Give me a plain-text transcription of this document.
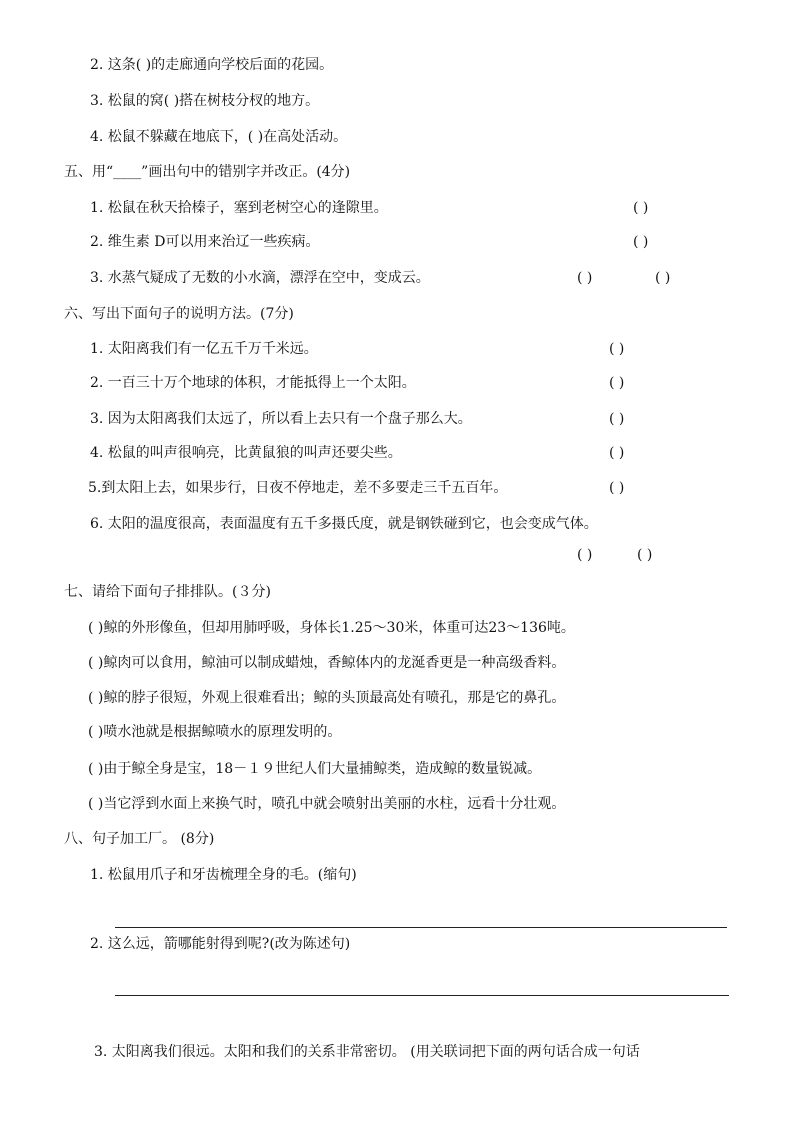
2. 这条( )的走廊通向学校后面的花园。
3. 松鼠的窝( )搭在树枝分杈的地方。
4. 松鼠不躲藏在地底下，( )在高处活动。
五、用“____”画出句中的错别字并改正。(4分)
1. 松鼠在秋天拾榛子，塞到老树空心的逢隙里。	( )
2. 维生素 D可以用来治辽一些疾病。	( )
3. 水蒸气疑成了无数的小水滴，漂浮在空中，变成云。	( )	( )
六、写出下面句子的说明方法。(7分)
1. 太阳离我们有一亿五千万千米远。	( )
2. 一百三十万个地球的体积，才能抵得上一个太阳。	( )
3. 因为太阳离我们太远了，所以看上去只有一个盘子那么大。	( )
4. 松鼠的叫声很响亮，比黄鼠狼的叫声还要尖些。	( )
5.到太阳上去，如果步行，日夜不停地走，差不多要走三千五百年。	( )
6. 太阳的温度很高，表面温度有五千多摄氏度，就是钢铁碰到它，也会变成气体。
( )	( )
七、请给下面句子排排队。(３分)
( )鲸的外形像鱼，但却用肺呼吸，身体长1.25～30米，体重可达23～136吨。
( )鲸肉可以食用，鲸油可以制成蜡烛，香鲸体内的龙涎香更是一种高级香料。
( )鲸的脖子很短，外观上很难看出；鲸的头顶最高处有喷孔，那是它的鼻孔。
( )喷水池就是根据鲸喷水的原理发明的。
( )由于鲸全身是宝，18－１９世纪人们大量捕鲸类，造成鲸的数量锐减。
( )当它浮到水面上来换气时，喷孔中就会喷射出美丽的水柱，远看十分壮观。
八、句子加工厂。 (8分)
1. 松鼠用爪子和牙齿梳理全身的毛。(缩句)
2. 这么远，箭哪能射得到呢?(改为陈述句)
3. 太阳离我们很远。太阳和我们的关系非常密切。 (用关联词把下面的两句话合成一句话
